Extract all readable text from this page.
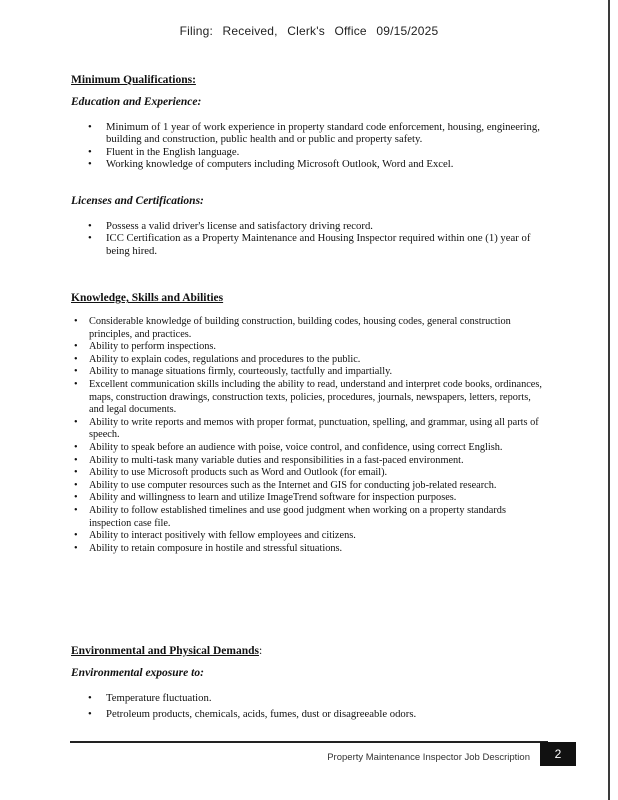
Filing: Received, Clerk's Office 09/15/2025
Minimum Qualifications:
Education and Experience:
• Minimum of 1 year of work experience in property standard code enforcement, housing, engineering, building and construction, public health and or public and property safety.
• Fluent in the English language.
• Working knowledge of computers including Microsoft Outlook, Word and Excel.
Licenses and Certifications:
• Possess a valid driver's license and satisfactory driving record.
• ICC Certification as a Property Maintenance and Housing Inspector required within one (1) year of being hired.
Knowledge, Skills and Abilities
• Considerable knowledge of building construction, building codes, housing codes, general construction principles, and practices.
• Ability to perform inspections.
• Ability to explain codes, regulations and procedures to the public.
• Ability to manage situations firmly, courteously, tactfully and impartially.
• Excellent communication skills including the ability to read, understand and interpret code books, ordinances, maps, construction drawings, construction texts, policies, procedures, journals, newspapers, letters, reports, and legal documents.
• Ability to write reports and memos with proper format, punctuation, spelling, and grammar, using all parts of speech.
• Ability to speak before an audience with poise, voice control, and confidence, using correct English.
• Ability to multi-task many variable duties and responsibilities in a fast-paced environment.
• Ability to use Microsoft products such as Word and Outlook (for email).
• Ability to use computer resources such as the Internet and GIS for conducting job-related research.
• Ability and willingness to learn and utilize ImageTrend software for inspection purposes.
• Ability to follow established timelines and use good judgment when working on a property standards inspection case file.
• Ability to interact positively with fellow employees and citizens.
• Ability to retain composure in hostile and stressful situations.
Environmental and Physical Demands:
Environmental exposure to:
• Temperature fluctuation.
• Petroleum products, chemicals, acids, fumes, dust or disagreeable odors.
Property Maintenance Inspector Job Description	2
